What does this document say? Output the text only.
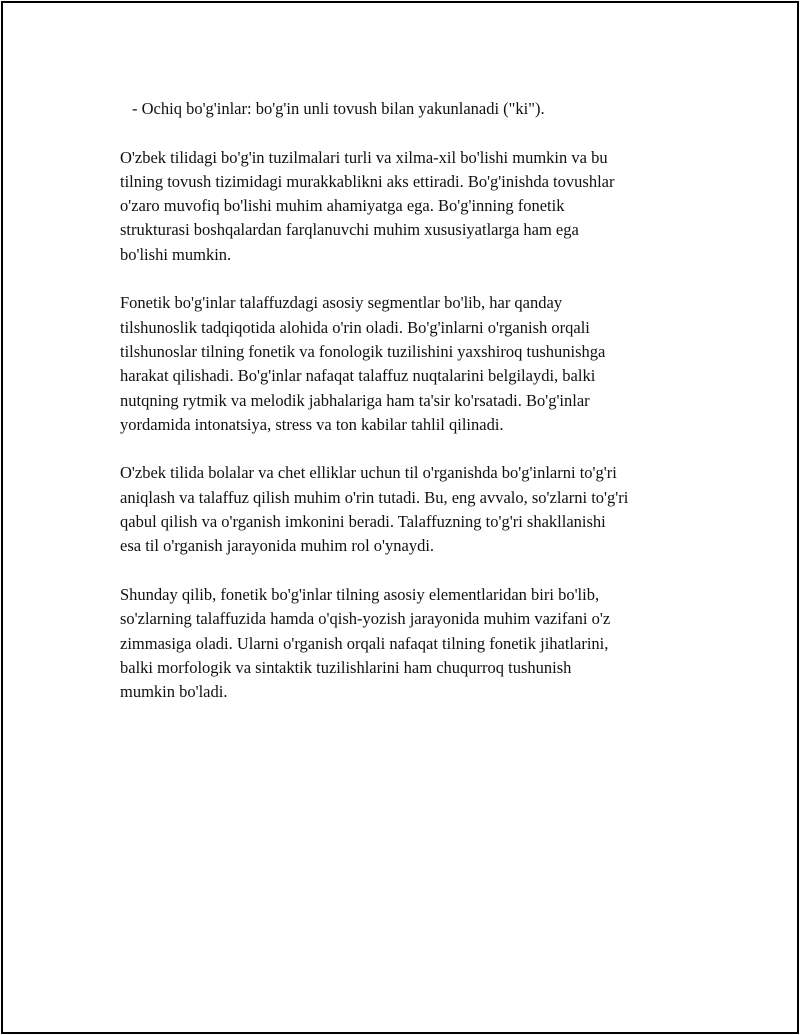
- Ochiq bo'g'inlar: bo'g'in unli tovush bilan yakunlanadi ("ki").

O'zbek tilidagi bo'g'in tuzilmalari turli va xilma-xil bo'lishi mumkin va bu
tilning tovush tizimidagi murakkablikni aks ettiradi. Bo'g'inishda tovushlar
o'zaro muvofiq bo'lishi muhim ahamiyatga ega. Bo'g'inning fonetik
strukturasi boshqalardan farqlanuvchi muhim xususiyatlarga ham ega
bo'lishi mumkin.

Fonetik bo'g'inlar talaffuzdagi asosiy segmentlar bo'lib, har qanday
tilshunoslik tadqiqotida alohida o'rin oladi. Bo'g'inlarni o'rganish orqali
tilshunoslar tilning fonetik va fonologik tuzilishini yaxshiroq tushunishga
harakat qilishadi. Bo'g'inlar nafaqat talaffuz nuqtalarini belgilaydi, balki
nutqning rytmik va melodik jabhalariga ham ta'sir ko'rsatadi. Bo'g'inlar
yordamida intonatsiya, stress va ton kabilar tahlil qilinadi.

O'zbek tilida bolalar va chet elliklar uchun til o'rganishda bo'g'inlarni to'g'ri
aniqlash va talaffuz qilish muhim o'rin tutadi. Bu, eng avvalo, so'zlarni to'g'ri
qabul qilish va o'rganish imkonini beradi. Talaffuzning to'g'ri shakllanishi
esa til o'rganish jarayonida muhim rol o'ynaydi.

Shunday qilib, fonetik bo'g'inlar tilning asosiy elementlaridan biri bo'lib,
so'zlarning talaffuzida hamda o'qish-yozish jarayonida muhim vazifani o'z
zimmasiga oladi. Ularni o'rganish orqali nafaqat tilning fonetik jihatlarini,
balki morfologik va sintaktik tuzilishlarini ham chuqurroq tushunish
mumkin bo'ladi.
